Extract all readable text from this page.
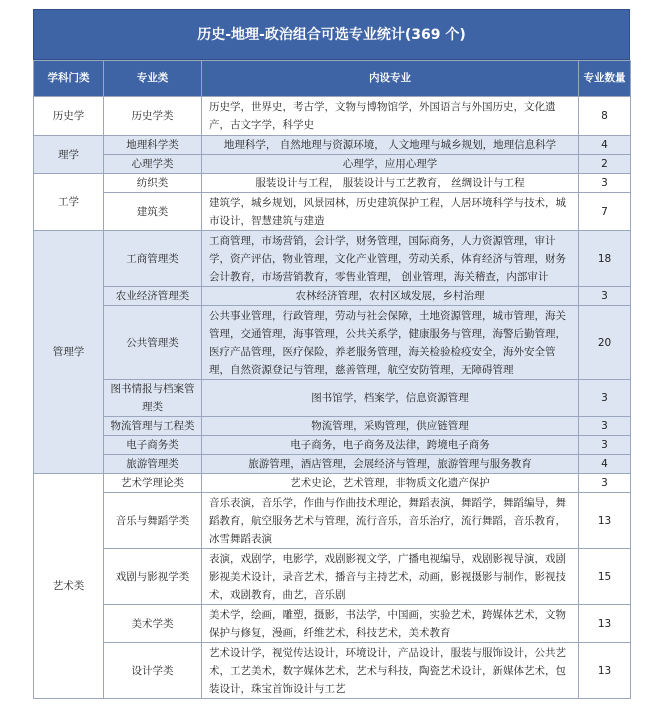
历史-地理-政治组合可选专业统计(369 个)
学科门类	专业类	内设专业	专业数量
历史学	历史学类	历史学，世界史，考古学，文物与博物馆学，外国语言与外国历史，文化遗产，古文字学，科学史	8
理学	地理科学类	地理科学， 自然地理与资源环境， 人文地理与城乡规划，地理信息科学	4
	心理学类	心理学，应用心理学	2
工学	纺织类	服装设计与工程， 服装设计与工艺教育， 丝绸设计与工程	3
	建筑类	建筑学，城乡规划，风景园林，历史建筑保护工程，人居环境科学与技术，城市设计，智慧建筑与建造	7
管理学	工商管理类	工商管理，市场营销，会计学，财务管理，国际商务，人力资源管理，审计学，资产评估，物业管理，文化产业管理，劳动关系，体育经济与管理，财务会计教育，市场营销教育，零售业管理， 创业管理，海关稽查，内部审计	18
	农业经济管理类	农林经济管理，农村区域发展，乡村治理	3
	公共管理类	公共事业管理，行政管理，劳动与社会保障，土地资源管理，城市管理，海关管理，交通管理，海事管理，公共关系学，健康服务与管理，海警后勤管理，医疗产品管理，医疗保险，养老服务管理，海关检验检疫安全，海外安全管理，自然资源登记与管理，慈善管理，航空安防管理，无障碍管理	20
	图书情报与档案管理类	图书馆学，档案学，信息资源管理	3
	物流管理与工程类	物流管理，采购管理，供应链管理	3
	电子商务类	电子商务，电子商务及法律，跨境电子商务	3
	旅游管理类	旅游管理，酒店管理，会展经济与管理，旅游管理与服务教育	4
艺术类	艺术学理论类	艺术史论，艺术管理，非物质文化遗产保护	3
	音乐与舞蹈学类	音乐表演，音乐学，作曲与作曲技术理论，舞蹈表演，舞蹈学，舞蹈编导，舞蹈教育，航空服务艺术与管理，流行音乐，音乐治疗，流行舞蹈，音乐教育，冰雪舞蹈表演	13
	戏剧与影视学类	表演，戏剧学，电影学，戏剧影视文学，广播电视编导，戏剧影视导演，戏剧影视美术设计，录音艺术，播音与主持艺术，动画，影视摄影与制作，影视技术，戏剧教育，曲艺，音乐剧	15
	美术学类	美术学，绘画，雕塑，摄影，书法学，中国画，实验艺术，跨媒体艺术，文物保护与修复，漫画，纤维艺术，科技艺术，美术教育	13
	设计学类	艺术设计学，视觉传达设计，环境设计，产品设计，服装与服饰设计，公共艺术，工艺美术，数字媒体艺术，艺术与科技，陶瓷艺术设计，新媒体艺术，包装设计，珠宝首饰设计与工艺	13
